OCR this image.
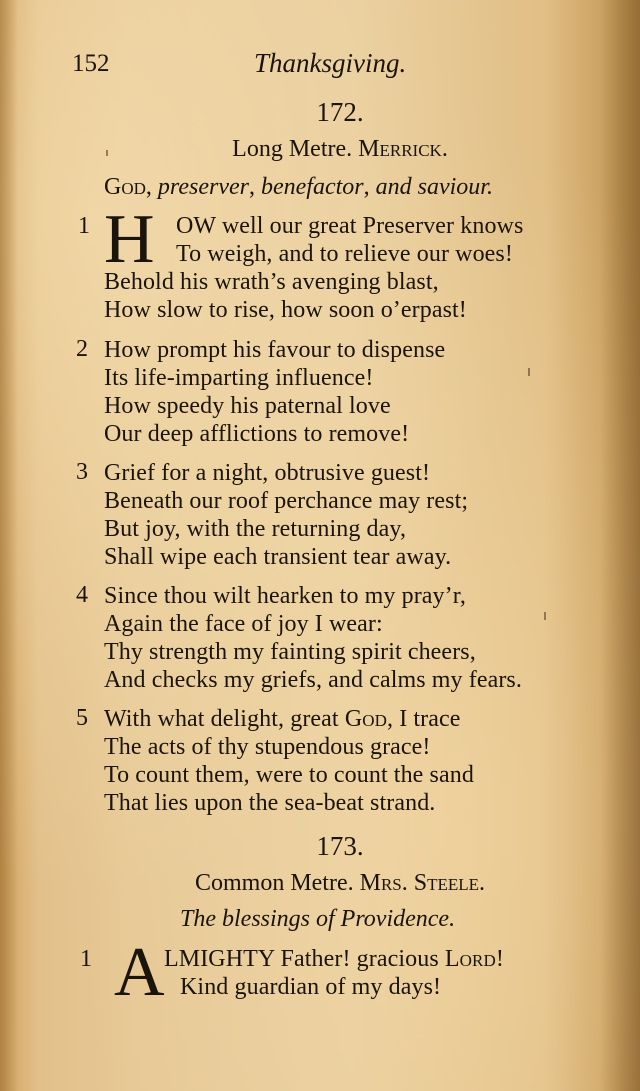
152	Thanksgiving.
172.
Long Metre. Merrick.
God, preserver, benefactor, and saviour.
1 H OW well our great Preserver knows
To weigh, and to relieve our woes!
Behold his wrath’s avenging blast,
How slow to rise, how soon o’erpast!
2 How prompt his favour to dispense
Its life-imparting influence!
How speedy his paternal love
Our deep afflictions to remove!
3 Grief for a night, obtrusive guest!
Beneath our roof perchance may rest;
But joy, with the returning day,
Shall wipe each transient tear away.
4 Since thou wilt hearken to my pray’r,
Again the face of joy I wear:
Thy strength my fainting spirit cheers,
And checks my griefs, and calms my fears.
5 With what delight, great God, I trace
The acts of thy stupendous grace!
To count them, were to count the sand
That lies upon the sea-beat strand.
173.
Common Metre. Mrs. Steele.
The blessings of Providence.
1 A LMIGHTY Father! gracious Lord!
Kind guardian of my days!
